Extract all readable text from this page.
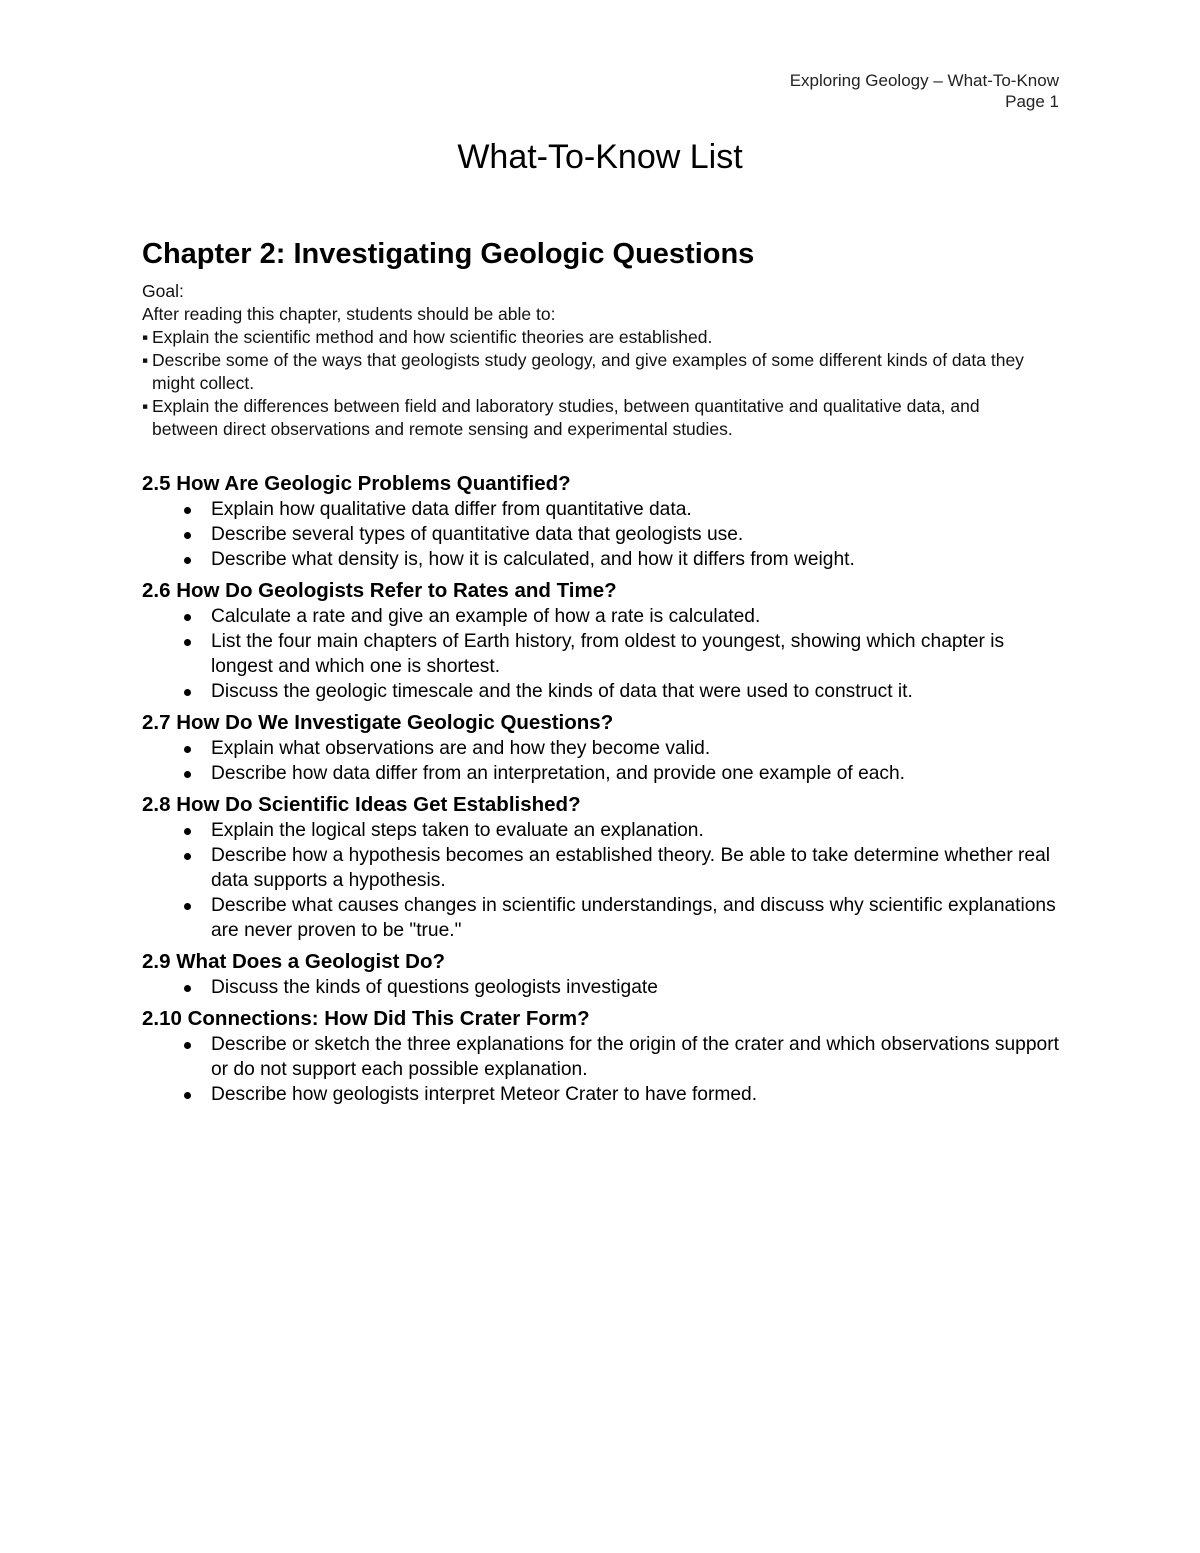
Exploring Geology – What-To-Know
Page 1
What-To-Know List
Chapter 2: Investigating Geologic Questions
Goal:
After reading this chapter, students should be able to:
▪ Explain the scientific method and how scientific theories are established.
▪ Describe some of the ways that geologists study geology, and give examples of some different kinds of data they might collect.
▪ Explain the differences between field and laboratory studies, between quantitative and qualitative data, and between direct observations and remote sensing and experimental studies.
2.5 How Are Geologic Problems Quantified?
Explain how qualitative data differ from quantitative data.
Describe several types of quantitative data that geologists use.
Describe what density is, how it is calculated, and how it differs from weight.
2.6 How Do Geologists Refer to Rates and Time?
Calculate a rate and give an example of how a rate is calculated.
List the four main chapters of Earth history, from oldest to youngest, showing which chapter is longest and which one is shortest.
Discuss the geologic timescale and the kinds of data that were used to construct it.
2.7 How Do We Investigate Geologic Questions?
Explain what observations are and how they become valid.
Describe how data differ from an interpretation, and provide one example of each.
2.8 How Do Scientific Ideas Get Established?
Explain the logical steps taken to evaluate an explanation.
Describe how a hypothesis becomes an established theory. Be able to take determine whether real data supports a hypothesis.
Describe what causes changes in scientific understandings, and discuss why scientific explanations are never proven to be "true."
2.9 What Does a Geologist Do?
Discuss the kinds of questions geologists investigate
2.10 Connections: How Did This Crater Form?
Describe or sketch the three explanations for the origin of the crater and which observations support or do not support each possible explanation.
Describe how geologists interpret Meteor Crater to have formed.
